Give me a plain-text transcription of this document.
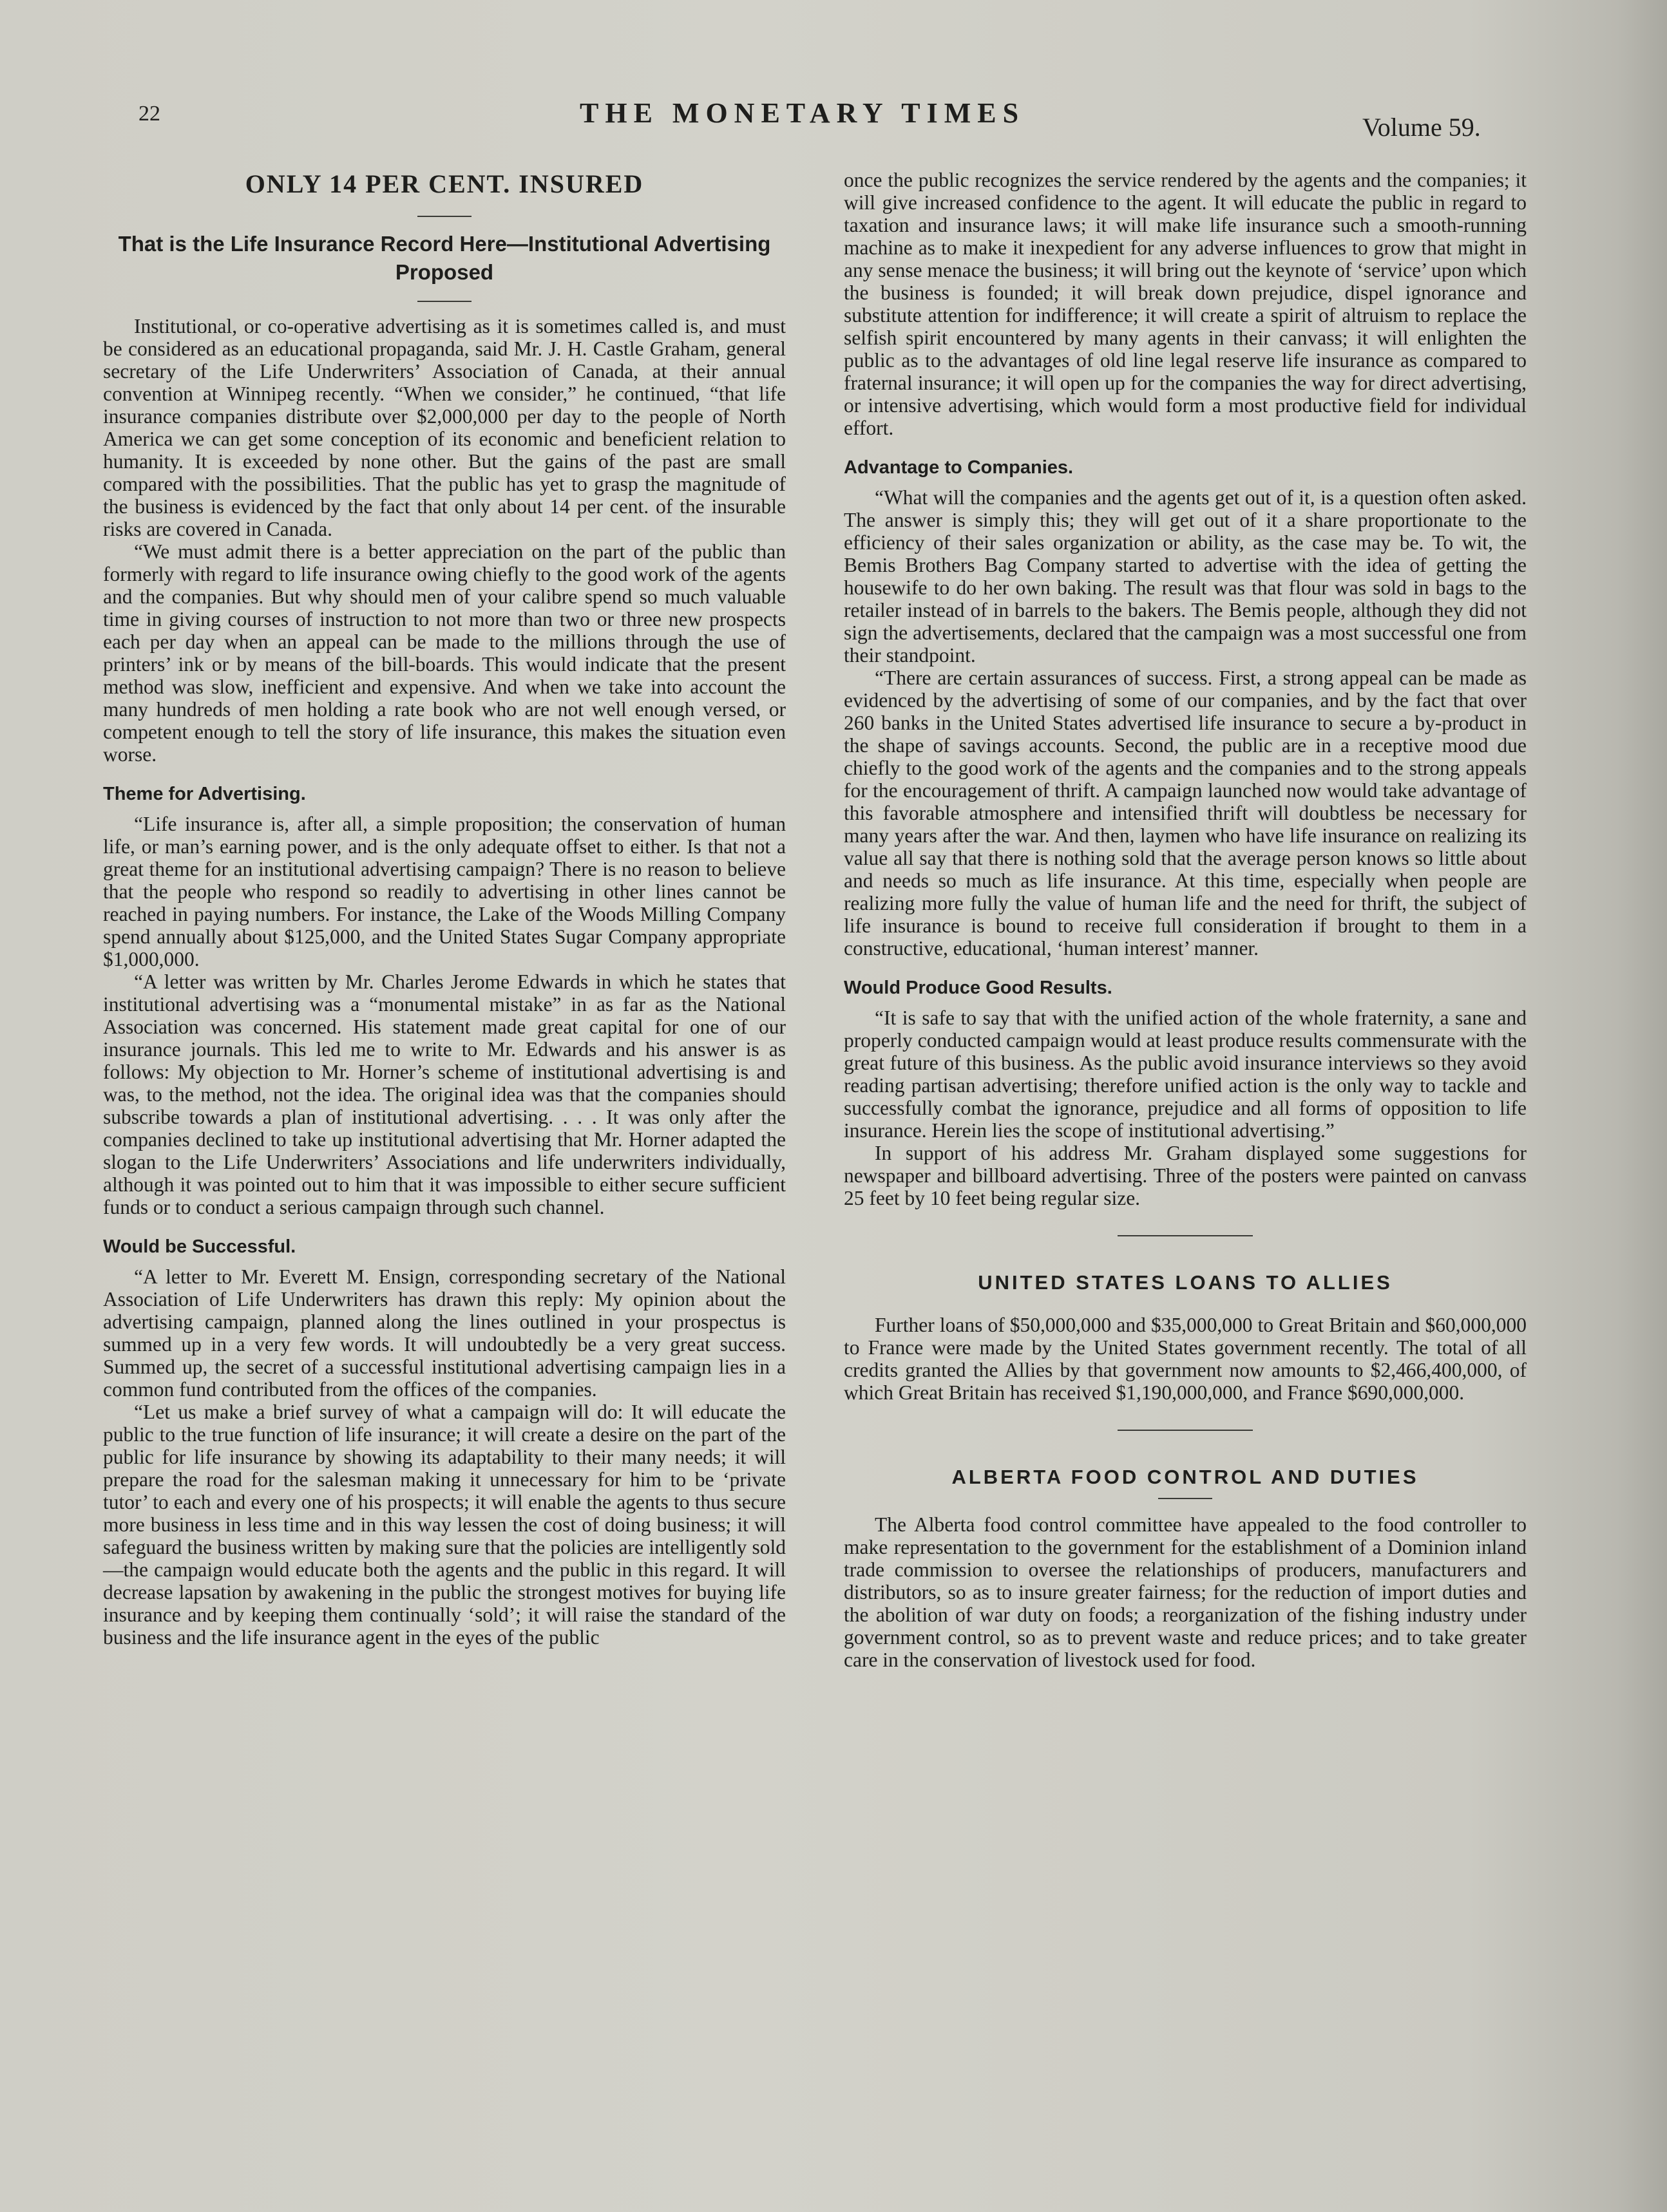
22	THE MONETARY TIMES	Volume 59.
ONLY 14 PER CENT. INSURED
That is the Life Insurance Record Here—Institutional Advertising Proposed

Institutional, or co-operative advertising as it is sometimes called is, and must be considered as an educational propaganda, said Mr. J. H. Castle Graham, general secretary of the Life Underwriters’ Association of Canada, at their annual convention at Winnipeg recently. “When we consider,” he continued, “that life insurance companies distribute over $2,000,000 per day to the people of North America we can get some conception of its economic and beneficient relation to humanity. It is exceeded by none other. But the gains of the past are small compared with the possibilities. That the public has yet to grasp the magnitude of the business is evidenced by the fact that only about 14 per cent. of the insurable risks are covered in Canada.

“We must admit there is a better appreciation on the part of the public than formerly with regard to life insurance owing chiefly to the good work of the agents and the companies. But why should men of your calibre spend so much valuable time in giving courses of instruction to not more than two or three new prospects each per day when an appeal can be made to the millions through the use of printers’ ink or by means of the bill-boards. This would indicate that the present method was slow, inefficient and expensive. And when we take into account the many hundreds of men holding a rate book who are not well enough versed, or competent enough to tell the story of life insurance, this makes the situation even worse.

Theme for Advertising.

“Life insurance is, after all, a simple proposition; the conservation of human life, or man’s earning power, and is the only adequate offset to either. Is that not a great theme for an institutional advertising campaign? There is no reason to believe that the people who respond so readily to advertising in other lines cannot be reached in paying numbers. For instance, the Lake of the Woods Milling Company spend annually about $125,000, and the United States Sugar Company appropriate $1,000,000.

“A letter was written by Mr. Charles Jerome Edwards in which he states that institutional advertising was a “monumental mistake” in as far as the National Association was concerned. His statement made great capital for one of our insurance journals. This led me to write to Mr. Edwards and his answer is as follows: My objection to Mr. Horner’s scheme of institutional advertising is and was, to the method, not the idea. The original idea was that the companies should subscribe towards a plan of institutional advertising. . . . It was only after the companies declined to take up institutional advertising that Mr. Horner adapted the slogan to the Life Underwriters’ Associations and life underwriters individually, although it was pointed out to him that it was impossible to either secure sufficient funds or to conduct a serious campaign through such channel.

Would be Successful.

“A letter to Mr. Everett M. Ensign, corresponding secretary of the National Association of Life Underwriters has drawn this reply: My opinion about the advertising campaign, planned along the lines outlined in your prospectus is summed up in a very few words. It will undoubtedly be a very great success. Summed up, the secret of a successful institutional advertising campaign lies in a common fund contributed from the offices of the companies.

“Let us make a brief survey of what a campaign will do: It will educate the public to the true function of life insurance; it will create a desire on the part of the public for life insurance by showing its adaptability to their many needs; it will prepare the road for the salesman making it unnecessary for him to be ‘private tutor’ to each and every one of his prospects; it will enable the agents to thus secure more business in less time and in this way lessen the cost of doing business; it will safeguard the business written by making sure that the policies are intelligently sold—the campaign would educate both the agents and the public in this regard. It will decrease lapsation by awakening in the public the strongest motives for buying life insurance and by keeping them continually ‘sold’; it will raise the standard of the business and the life insurance agent in the eyes of the public

once the public recognizes the service rendered by the agents and the companies; it will give increased confidence to the agent. It will educate the public in regard to taxation and insurance laws; it will make life insurance such a smooth-running machine as to make it inexpedient for any adverse influences to grow that might in any sense menace the business; it will bring out the keynote of ‘service’ upon which the business is founded; it will break down prejudice, dispel ignorance and substitute attention for indifference; it will create a spirit of altruism to replace the selfish spirit encountered by many agents in their canvass; it will enlighten the public as to the advantages of old line legal reserve life insurance as compared to fraternal insurance; it will open up for the companies the way for direct advertising, or intensive advertising, which would form a most productive field for individual effort.

Advantage to Companies.

“What will the companies and the agents get out of it, is a question often asked. The answer is simply this; they will get out of it a share proportionate to the efficiency of their sales organization or ability, as the case may be. To wit, the Bemis Brothers Bag Company started to advertise with the idea of getting the housewife to do her own baking. The result was that flour was sold in bags to the retailer instead of in barrels to the bakers. The Bemis people, although they did not sign the advertisements, declared that the campaign was a most successful one from their standpoint.

“There are certain assurances of success. First, a strong appeal can be made as evidenced by the advertising of some of our companies, and by the fact that over 260 banks in the United States advertised life insurance to secure a by-product in the shape of savings accounts. Second, the public are in a receptive mood due chiefly to the good work of the agents and the companies and to the strong appeals for the encouragement of thrift. A campaign launched now would take advantage of this favorable atmosphere and intensified thrift will doubtless be necessary for many years after the war. And then, laymen who have life insurance on realizing its value all say that there is nothing sold that the average person knows so little about and needs so much as life insurance. At this time, especially when people are realizing more fully the value of human life and the need for thrift, the subject of life insurance is bound to receive full consideration if brought to them in a constructive, educational, ‘human interest’ manner.

Would Produce Good Results.

“It is safe to say that with the unified action of the whole fraternity, a sane and properly conducted campaign would at least produce results commensurate with the great future of this business. As the public avoid insurance interviews so they avoid reading partisan advertising; therefore unified action is the only way to tackle and successfully combat the ignorance, prejudice and all forms of opposition to life insurance. Herein lies the scope of institutional advertising.”

In support of his address Mr. Graham displayed some suggestions for newspaper and billboard advertising. Three of the posters were painted on canvass 25 feet by 10 feet being regular size.

UNITED STATES LOANS TO ALLIES

Further loans of $50,000,000 and $35,000,000 to Great Britain and $60,000,000 to France were made by the United States government recently. The total of all credits granted the Allies by that government now amounts to $2,466,400,000, of which Great Britain has received $1,190,000,000, and France $690,000,000.

ALBERTA FOOD CONTROL AND DUTIES

The Alberta food control committee have appealed to the food controller to make representation to the government for the establishment of a Dominion inland trade commission to oversee the relationships of producers, manufacturers and distributors, so as to insure greater fairness; for the reduction of import duties and the abolition of war duty on foods; a reorganization of the fishing industry under government control, so as to prevent waste and reduce prices; and to take greater care in the conservation of livestock used for food.
